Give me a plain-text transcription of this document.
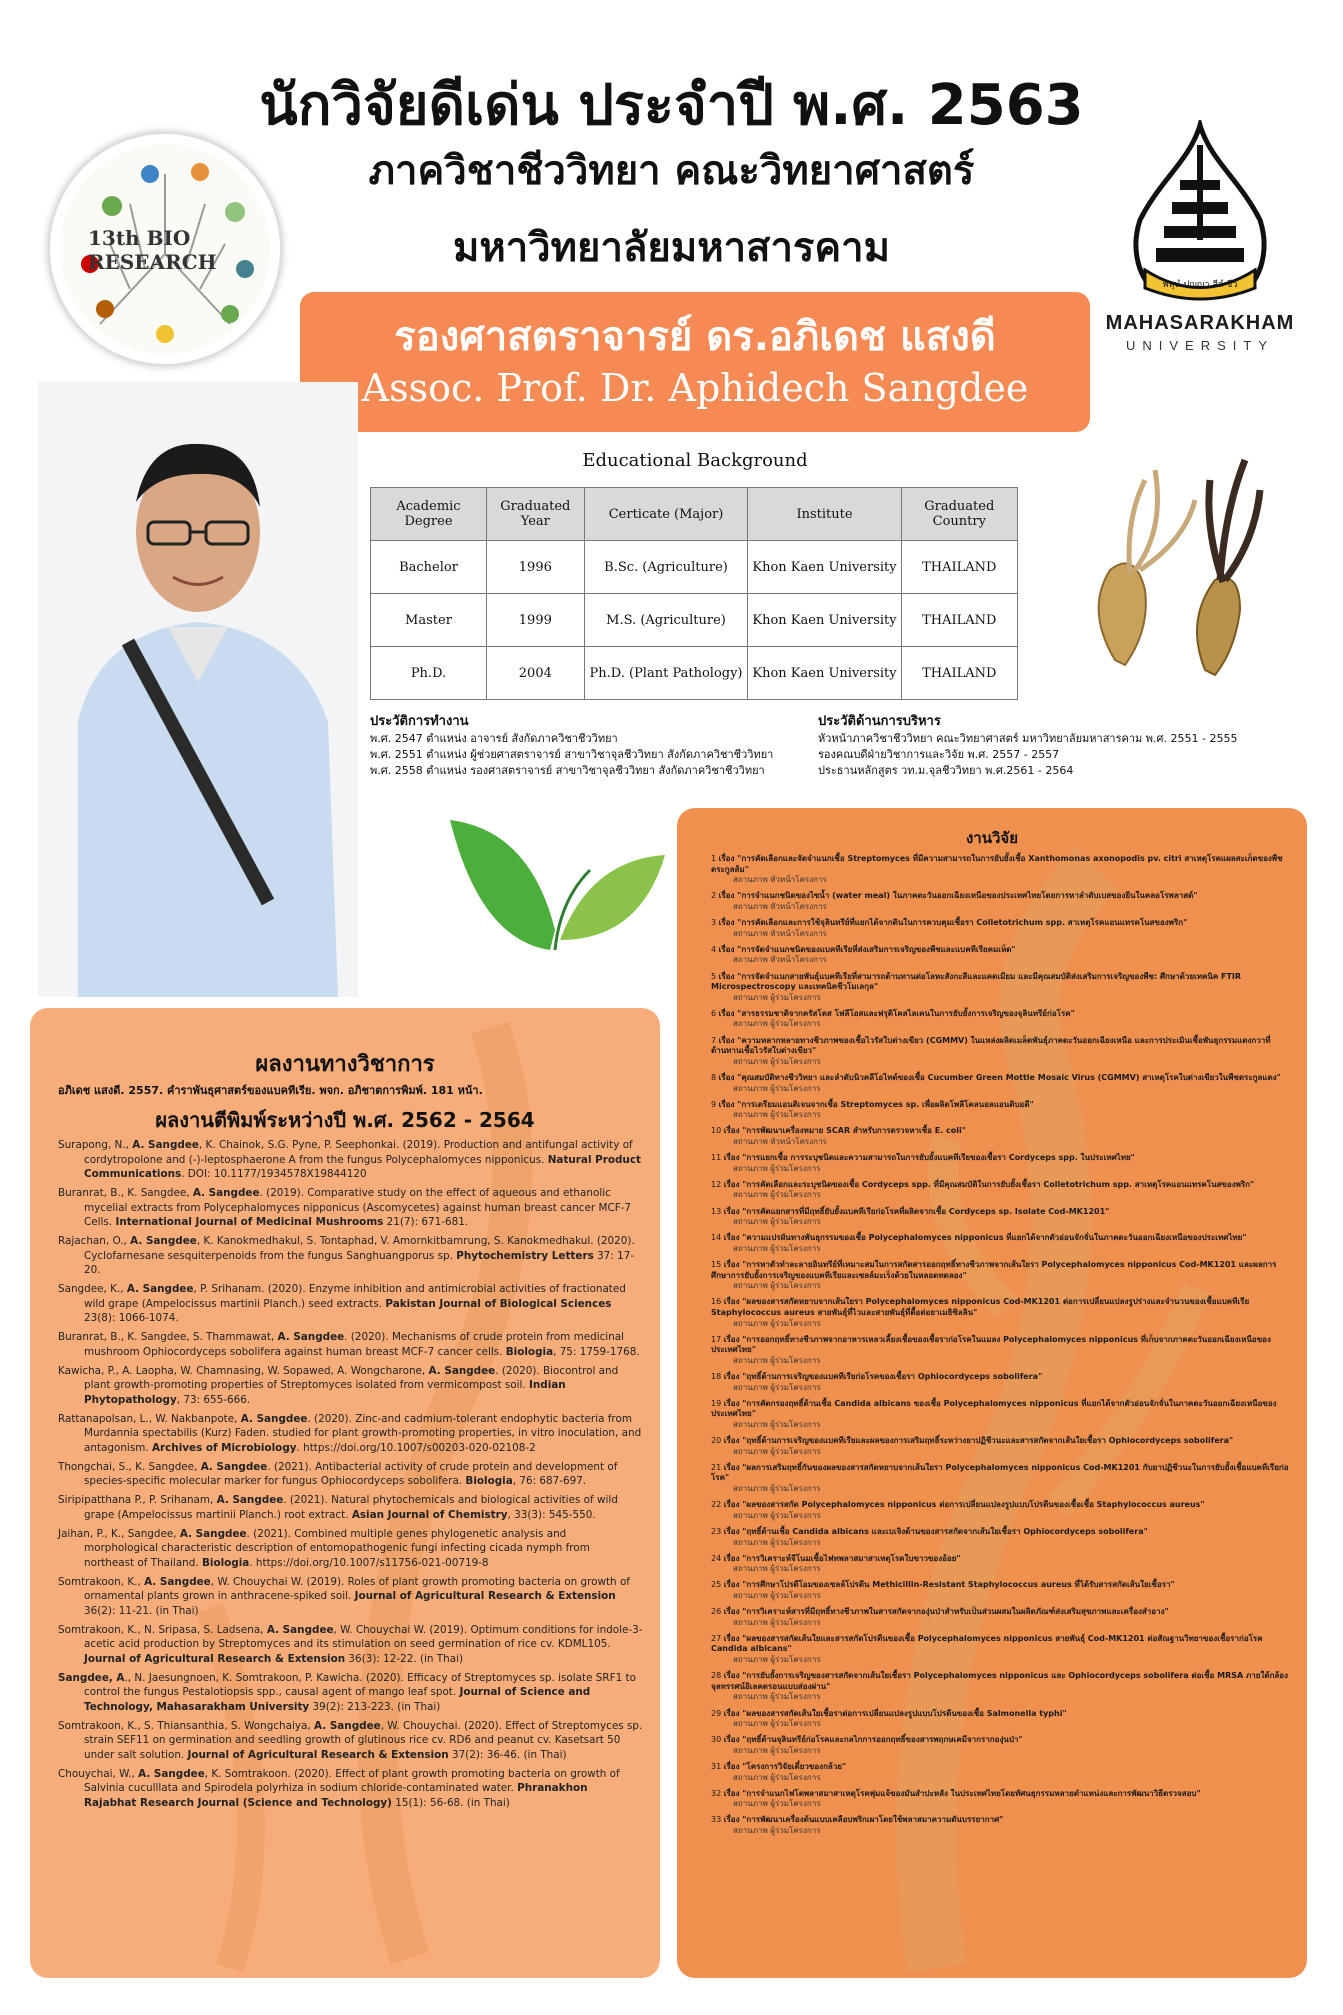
นักวิจัยดีเด่น ประจำปี พ.ศ. 2563
ภาควิชาชีววิทยา คณะวิทยาศาสตร์
มหาวิทยาลัยมหาสารคาม
13th BIO RESEARCH
พหุนํ ปญฺญา สีลํ ชีวํ
MAHASARAKHAM
UNIVERSITY
รองศาสตราจารย์ ดร.อภิเดช แสงดี
Assoc. Prof. Dr. Aphidech Sangdee
Educational Background
Academic Degree	Graduated Year	Certicate (Major)	Institute	Graduated Country
Bachelor	1996	B.Sc. (Agriculture)	Khon Kaen University	THAILAND
Master	1999	M.S. (Agriculture)	Khon Kaen University	THAILAND
Ph.D.	2004	Ph.D. (Plant Pathology)	Khon Kaen University	THAILAND
ประวัติการทำงาน
พ.ศ. 2547 ตำแหน่ง อาจารย์ สังกัดภาควิชาชีววิทยา
พ.ศ. 2551 ตำแหน่ง ผู้ช่วยศาสตราจารย์ สาขาวิชาจุลชีววิทยา สังกัดภาควิชาชีววิทยา
พ.ศ. 2558 ตำแหน่ง รองศาสตราจารย์ สาขาวิชาจุลชีววิทยา สังกัดภาควิชาชีววิทยา
ประวัติด้านการบริหาร
หัวหน้าภาควิชาชีววิทยา คณะวิทยาศาสตร์ มหาวิทยาลัยมหาสารคาม พ.ศ. 2551 - 2555
รองคณบดีฝ่ายวิชาการและวิจัย พ.ศ. 2557 - 2557
ประธานหลักสูตร วท.ม.จุลชีววิทยา พ.ศ.2561 - 2564
ผลงานทางวิชาการ
อภิเดช แสงดี. 2557. คำราพันธุศาสตร์ของแบคทีเรีย. พจก. อภิชาตการพิมพ์. 181 หน้า.
ผลงานตีพิมพ์ระหว่างปี พ.ศ. 2562 - 2564
Surapong, N., A. Sangdee, K. Chainok, S.G. Pyne, P. Seephonkai. (2019). Production and antifungal activity of cordytropolone and (-)-leptosphaerone A from the fungus Polycephalomyces nipponicus. Natural Product Communications. DOI: 10.1177/1934578X19844120
Buranrat, B., K. Sangdee, A. Sangdee. (2019). Comparative study on the effect of aqueous and ethanolic mycelial extracts from Polycephalomyces nipponicus (Ascomycetes) against human breast cancer MCF-7 Cells. International Journal of Medicinal Mushrooms 21(7): 671-681.
Rajachan, O., A. Sangdee, K. Kanokmedhakul, S. Tontaphad, V. Amornkitbamrung, S. Kanokmedhakul. (2020). Cyclofarnesane sesquiterpenoids from the fungus Sanghuangporus sp. Phytochemistry Letters 37: 17-20.
Sangdee, K., A. Sangdee, P. Srihanam. (2020). Enzyme inhibition and antimicrobial activities of fractionated wild grape (Ampelocissus martinii Planch.) seed extracts. Pakistan Journal of Biological Sciences 23(8): 1066-1074.
Buranrat, B., K. Sangdee, S. Thammawat, A. Sangdee. (2020). Mechanisms of crude protein from medicinal mushroom Ophiocordyceps sobolifera against human breast MCF-7 cancer cells. Biologia, 75: 1759-1768.
Kawicha, P., A. Laopha, W. Chamnasing, W. Sopawed, A. Wongcharone, A. Sangdee. (2020). Biocontrol and plant growth-promoting properties of Streptomyces isolated from vermicompost soil. Indian Phytopathology, 73: 655-666.
Rattanapolsan, L., W. Nakbanpote, A. Sangdee. (2020). Zinc-and cadmium-tolerant endophytic bacteria from Murdannia spectabilis (Kurz) Faden. studied for plant growth-promoting properties, in vitro inoculation, and antagonism. Archives of Microbiology. https://doi.org/10.1007/s00203-020-02108-2
Thongchai, S., K. Sangdee, A. Sangdee. (2021). Antibacterial activity of crude protein and development of species-specific molecular marker for fungus Ophiocordyceps sobolifera. Biologia, 76: 687-697.
Siripipatthana P., P. Srihanam, A. Sangdee. (2021). Natural phytochemicals and biological activities of wild grape (Ampelocissus martinii Planch.) root extract. Asian Journal of Chemistry, 33(3): 545-550.
Jaihan, P., K., Sangdee, A. Sangdee. (2021). Combined multiple genes phylogenetic analysis and morphological characteristic description of entomopathogenic fungi infecting cicada nymph from northeast of Thailand. Biologia. https://doi.org/10.1007/s11756-021-00719-8
Somtrakoon, K., A. Sangdee, W. Chouychai W. (2019). Roles of plant growth promoting bacteria on growth of ornamental plants grown in anthracene-spiked soil. Journal of Agricultural Research & Extension 36(2): 11-21. (in Thai)
Somtrakoon, K., N. Sripasa, S. Ladsena, A. Sangdee, W. Chouychai W. (2019). Optimum conditions for indole-3-acetic acid production by Streptomyces and its stimulation on seed germination of rice cv. KDML105. Journal of Agricultural Research & Extension 36(3): 12-22. (in Thai)
Sangdee, A., N. Jaesungnoen, K. Somtrakoon, P. Kawicha. (2020). Efficacy of Streptomyces sp. isolate SRF1 to control the fungus Pestalotiopsis spp., causal agent of mango leaf spot. Journal of Science and Technology, Mahasarakham University 39(2): 213-223. (in Thai)
Somtrakoon, K., S. Thiansanthia, S. Wongchaiya, A. Sangdee, W. Chouychai. (2020). Effect of Streptomyces sp. strain SEF11 on germination and seedling growth of glutinous rice cv. RD6 and peanut cv. Kasetsart 50 under salt solution. Journal of Agricultural Research & Extension 37(2): 36-46. (in Thai)
Chouychai, W., A. Sangdee, K. Somtrakoon. (2020). Effect of plant growth promoting bacteria on growth of Salvinia cuculllata and Spirodela polyrhiza in sodium chloride-contaminated water. Phranakhon Rajabhat Research Journal (Science and Technology) 15(1): 56-68. (in Thai)
งานวิจัย
1 เรื่อง "การคัดเลือกและจัดจำแนกเชื้อ Streptomyces ที่มีความสามารถในการยับยั้งเชื้อ Xanthomonas axonopodis pv. citri สาเหตุโรคแผลสะเก็ดของพืชตระกูลส้ม"
สถานภาพ หัวหน้าโครงการ
2 เรื่อง "การจำแนกชนิดของไซน้ำ (water meal) ในภาคตะวันออกเฉียงเหนือของประเทศไทยโดยการหาลำดับเบสของยีนในคลอโรพลาสต์"
สถานภาพ หัวหน้าโครงการ
3 เรื่อง "การคัดเลือกและการใช้จุลินทรีย์ที่แยกได้จากดินในการควบคุมเชื้อรา Colletotrichum spp. สาเหตุโรคแอนแทรคโนสของพริก"
สถานภาพ หัวหน้าโครงการ
4 เรื่อง "การจัดจำแนกชนิดของแบคทีเรียที่ส่งเสริมการเจริญของพืชและแบคทีเรียคมเห็ด"
สถานภาพ หัวหน้าโครงการ
5 เรื่อง "การจัดจำแนกสายพันธุ์แบคทีเรียที่สามารถต้านทานต่อโลหะสังกะสีและแคดเมียม และมีคุณสมบัติส่งเสริมการเจริญของพืช: ศึกษาด้วยเทคนิค FTIR Microspectroscopy และเทคนิคชีวโมเลกุล"
สถานภาพ ผู้ร่วมโครงการ
6 เรื่อง "สารธรรมชาติจากครัสโตส โฟลีโอสและฟรุติโคสไลเคนในการยับยั้งการเจริญของจุลินทรีย์ก่อโรค"
สถานภาพ ผู้ร่วมโครงการ
7 เรื่อง "ความหลากหลายทางชีวภาพของเชื้อไวรัสใบด่างเขียว (CGMMV) ในแหล่งผลิตเมล็ดพันธุ์ภาคตะวันออกเฉียงเหนือ และการประเมินเชื้อพันธุกรรมแตงกวาที่ต้านทานเชื้อไวรัสใบด่างเขียว"
สถานภาพ ผู้ร่วมโครงการ
8 เรื่อง "คุณสมบัติทางชีววิทยา และลำดับนิวคลีโอไทด์ของเชื้อ Cucumber Green Mottle Mosaic Virus (CGMMV) สาเหตุโรคใบด่างเขียวในพืชตระกูลแตง"
สถานภาพ ผู้ร่วมโครงการ
9 เรื่อง "การเตรียมแอนติเจนจากเชื้อ Streptomyces sp. เพื่อผลิตโพลีโคลนอลแอนติบอดี"
สถานภาพ ผู้ร่วมโครงการ
10 เรื่อง "การพัฒนาเครื่องหมาย SCAR สำหรับการตรวจหาเชื้อ E. coli"
สถานภาพ หัวหน้าโครงการ
11 เรื่อง "การแยกเชื้อ การระบุชนิดและความสามารถในการยับยั้งแบคทีเรียของเชื้อรา Cordyceps spp. ในประเทศไทย"
สถานภาพ ผู้ร่วมโครงการ
12 เรื่อง "การคัดเลือกและระบุชนิดของเชื้อ Cordyceps spp. ที่มีคุณสมบัติในการยับยั้งเชื้อรา Colletotrichum spp. สาเหตุโรคแอนแทรคโนสของพริก"
สถานภาพ ผู้ร่วมโครงการ
13 เรื่อง "การคัดแยกสารที่มีฤทธิ์ยับยั้งแบคทีเรียก่อโรคที่ผลิตจากเชื้อ Cordyceps sp. Isolate Cod-MK1201"
สถานภาพ ผู้ร่วมโครงการ
14 เรื่อง "ความแปรผันทางพันธุกรรมของเชื้อ Polycephalomyces nipponicus ที่แยกได้จากตัวอ่อนจักจั่นในภาคตะวันออกเฉียงเหนือของประเทศไทย"
สถานภาพ ผู้ร่วมโครงการ
15 เรื่อง "การหาตัวทำละลายอินทรีย์ที่เหมาะสมในการสกัดสารออกฤทธิ์ทางชีวภาพจากเส้นใยรา Polycephalomyces nipponicus Cod-MK1201 และผลการศึกษาการยับยั้งการเจริญของแบคทีเรียและเซลล์มะเร็งด้วยในหลอดทดลอง"
สถานภาพ ผู้ร่วมโครงการ
16 เรื่อง "ผลของสารสกัดหยาบจากเส้นใยรา Polycephalomyces nipponicus Cod-MK1201 ต่อการเปลี่ยนแปลงรูปร่างและจำนวนของเชื้อแบคทีเรีย Staphylococcus aureus สายพันธุ์ที่ไวและสายพันธุ์ที่ดื้อต่อยาเมธิซิลลิน"
สถานภาพ ผู้ร่วมโครงการ
17 เรื่อง "การออกฤทธิ์ทางชีวภาพจากอาหารเหลวเลี้ยงเชื้อของเชื้อราก่อโรคในแมลง Polycephalomyces nipponicus ที่เก็บจากภาคตะวันออกเฉียงเหนือของประเทศไทย"
สถานภาพ ผู้ร่วมโครงการ
18 เรื่อง "ฤทธิ์ต้านการเจริญของแบคทีเรียก่อโรคของเชื้อรา Ophiocordyceps sobolifera"
สถานภาพ ผู้ร่วมโครงการ
19 เรื่อง "การคัดกรองฤทธิ์ต้านเชื้อ Candida albicans ของเชื้อ Polycephalomyces nipponicus ที่แยกได้จากตัวอ่อนจักจั่นในภาคตะวันออกเฉียงเหนือของประเทศไทย"
สถานภาพ ผู้ร่วมโครงการ
20 เรื่อง "ฤทธิ์ต้านการเจริญของแบคทีเรียและผลของการเสริมฤทธิ์ระหว่างยาปฏิชีวนะและสารสกัดจากเส้นใยเชื้อรา Ophiocordyceps sobolifera"
สถานภาพ ผู้ร่วมโครงการ
21 เรื่อง "ผลการเสริมฤทธิ์กันของผลของสารสกัดหยาบจากเส้นใยรา Polycephalomyces nipponicus Cod-MK1201 กับยาปฏิชีวนะในการยับยั้งเชื้อแบคทีเรียก่อโรค"
สถานภาพ ผู้ร่วมโครงการ
22 เรื่อง "ผลของสารสกัด Polycephalomyces nipponicus ต่อการเปลี่ยนแปลงรูปแบบโปรตีนของเชื้อเชื้อ Staphylococcus aureus"
สถานภาพ ผู้ร่วมโครงการ
23 เรื่อง "ฤทธิ์ต้านเชื้อ Candida albicans และเบเจิงต้านของสารสกัดจากเส้นใยเชื้อรา Ophiocordyceps sobolifera"
สถานภาพ ผู้ร่วมโครงการ
24 เรื่อง "การวิเคราะห์จีโนมเชื้อไฟทพลาสมาสาเหตุโรคใบขาวของอ้อย"
สถานภาพ ผู้ร่วมโครงการ
25 เรื่อง "การศึกษาโปรตีโอมของเซลล์โปรตีน Methicillin-Resistant Staphylococcus aureus ที่ได้รับสารสกัดเส้นใยเชื้อรา"
สถานภาพ ผู้ร่วมโครงการ
26 เรื่อง "การวิเคราะห์สารที่มีฤทธิ์ทางชีวภาพในสารสกัดจากองุ่นป่าสำหรับเป็นส่วนผสมในผลิตภัณฑ์ส่งเสริมสุขภาพและเครื่องสำอาง"
สถานภาพ ผู้ร่วมโครงการ
27 เรื่อง "ผลของสารสกัดเส้นใยและสารสกัดโปรตีนของเชื้อ Polycephalomyces nipponicus สายพันธุ์ Cod-MK1201 ต่อสัณฐานวิทยาของเชื้อราก่อโรค Candida albicans"
สถานภาพ ผู้ร่วมโครงการ
28 เรื่อง "การยับยั้งการเจริญของสารสกัดจากเส้นใยเชื้อรา Polycephalomyces nipponicus และ Ophiocordyceps sobolifera ต่อเชื้อ MRSA ภายใต้กล้องจุลทรรศน์อิเลคตรอนแบบส่องผ่าน"
สถานภาพ ผู้ร่วมโครงการ
29 เรื่อง "ผลของสารสกัดเส้นใยเชื้อราต่อการเปลี่ยนแปลงรูปแบบโปรตีนของเชื้อ Salmonella typhi"
สถานภาพ ผู้ร่วมโครงการ
30 เรื่อง "ฤทธิ์ต้านจุลินทรีย์ก่อโรคและกลไกการออกฤทธิ์ของสารพฤกษเคมีจากรากองุ่นป่า"
สถานภาพ ผู้ร่วมโครงการ
31 เรื่อง "โครงการวิจัยเตี๋ยวของกล้วย"
สถานภาพ ผู้ร่วมโครงการ
32 เรื่อง "การจำแนกไฟโตพลาสมาสาเหตุโรคพุ่มแจ้ของมันสำปะหลัง ในประเทศไทยโดยทัศนธุกรรมหลายตำแหน่งและการพัฒนาวิธีตรวจสอบ"
สถานภาพ ผู้ร่วมโครงการ
33 เรื่อง "การพัฒนาเครื่องต้นแบบเคลือบพริกเผาโดยใช้พลาสมาความดันบรรยากาศ"
สถานภาพ ผู้ร่วมโครงการ
